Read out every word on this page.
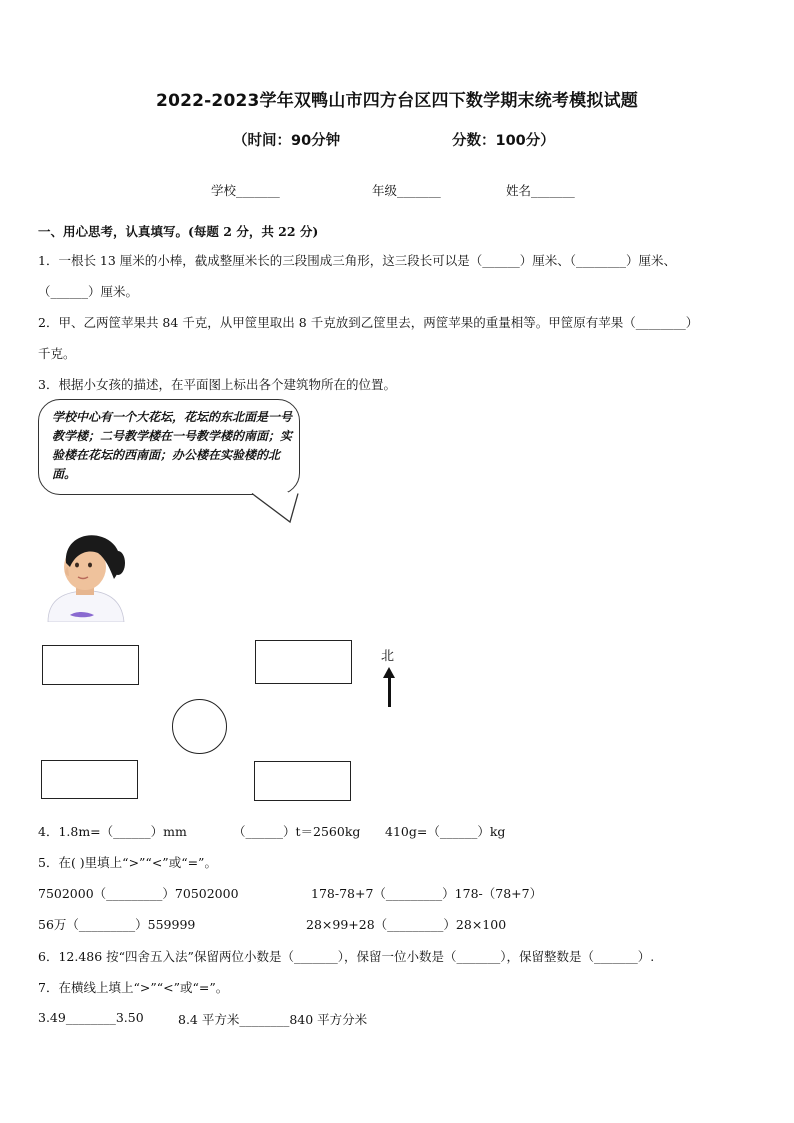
2022-2023学年双鸭山市四方台区四下数学期末统考模拟试题
（时间：90分钟	分数：100分）
学校_______	年级_______	姓名_______
一、用心思考，认真填写。(每题 2 分，共 22 分)
1．一根长 13 厘米的小棒，截成整厘米长的三段围成三角形，这三段长可以是（______）厘米、（________）厘米、
（______）厘米。
2．甲、乙两筐苹果共 84 千克，从甲筐里取出 8 千克放到乙筐里去，两筐苹果的重量相等。甲筐原有苹果（________）
千克。
3．根据小女孩的描述，在平面图上标出各个建筑物所在的位置。
学校中心有一个大花坛，花坛的东北面是一号教学楼；二号教学楼在一号教学楼的南面；实验楼在花坛的西南面；办公楼在实验楼的北面。
北
4．1.8m=（______）mm	（______）t＝2560kg 410g=（______）kg
5．在( )里填上“>”“<”或“=”。
7502000（_________）70502000	178-78+7（_________）178-（78+7）
56万（_________）559999	28×99+28（_________）28×100
6．12.486 按“四舍五入法”保留两位小数是（_______），保留一位小数是（_______），保留整数是（_______）.
7．在横线上填上“>”“<”或“=”。
3.49________3.50	8.4 平方米________840 平方分米
